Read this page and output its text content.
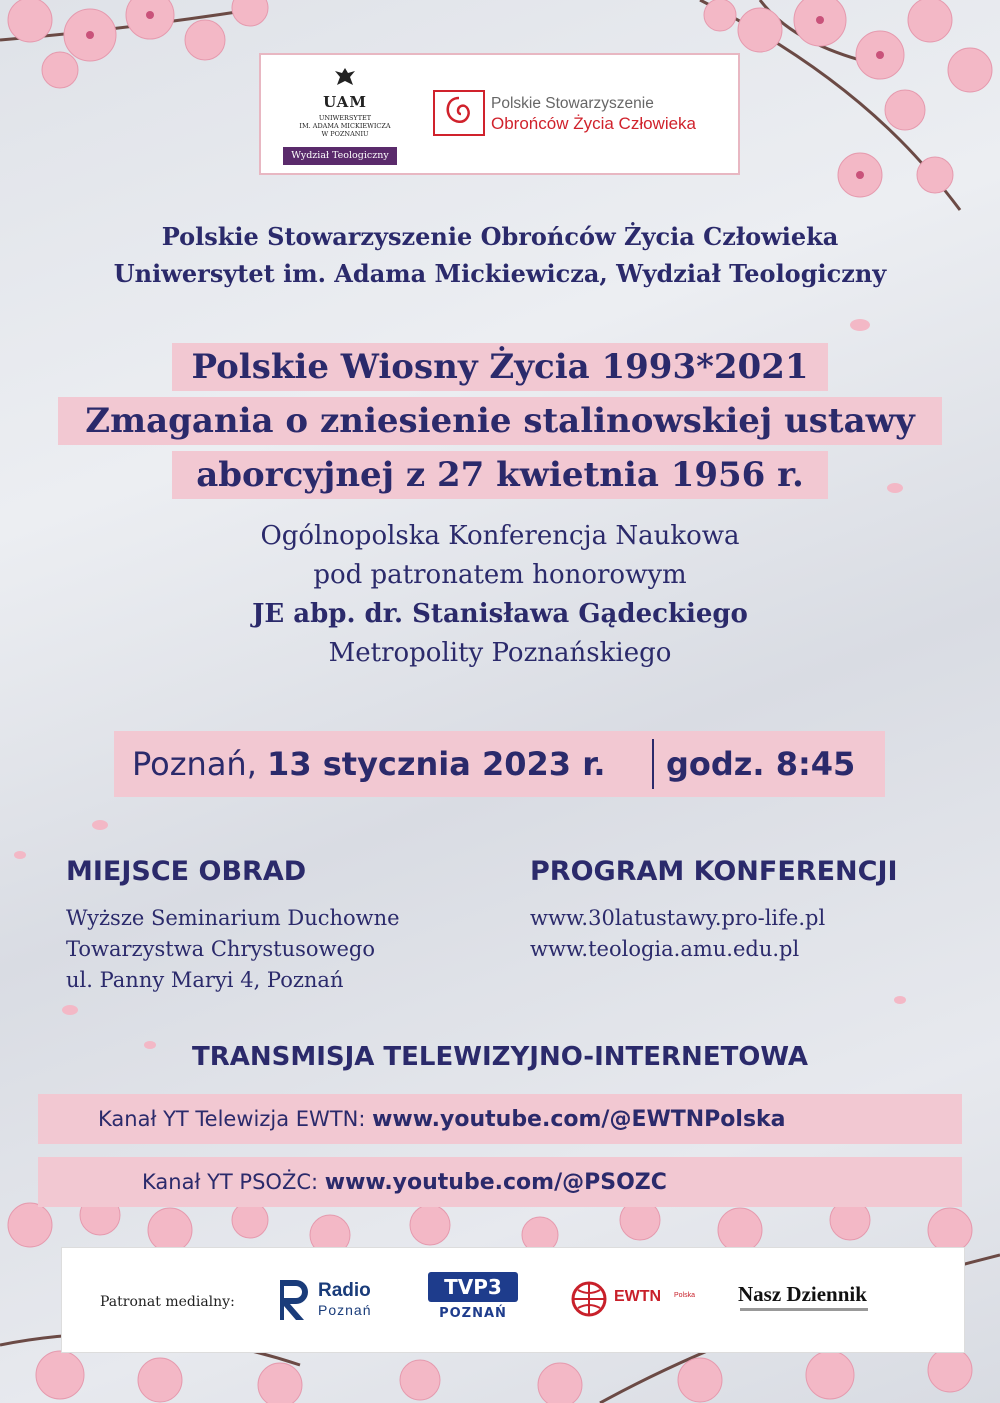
UAM
UNIWERSYTET
IM. ADAMA MICKIEWICZA
W POZNANIU
Wydział Teologiczny
Polskie Stowarzyszenie
Obrońców Życia Człowieka
Polskie Stowarzyszenie Obrońców Życia Człowieka
Uniwersytet im. Adama Mickiewicza, Wydział Teologiczny
Polskie Wiosny Życia 1993*2021
Zmagania o zniesienie stalinowskiej ustawy
aborcyjnej z 27 kwietnia 1956 r.
Ogólnopolska Konferencja Naukowa
pod patronatem honorowym
JE abp. dr. Stanisława Gądeckiego
Metropolity Poznańskiego
Poznań, 13 stycznia 2023 r. godz. 8:45
MIEJSCE OBRAD
Wyższe Seminarium Duchowne
Towarzystwa Chrystusowego
ul. Panny Maryi 4, Poznań
PROGRAM KONFERENCJI
www.30latustawy.pro-life.pl
www.teologia.amu.edu.pl
TRANSMISJA TELEWIZYJNO-INTERNETOWA
Kanał YT Telewizja EWTN: www.youtube.com/@EWTNPolska
Kanał YT PSOŻC: www.youtube.com/@PSOZC
Patronat medialny:
Radio
Poznań
TVP3
POZNAŃ
EWTN Polska Nasz Dziennik
